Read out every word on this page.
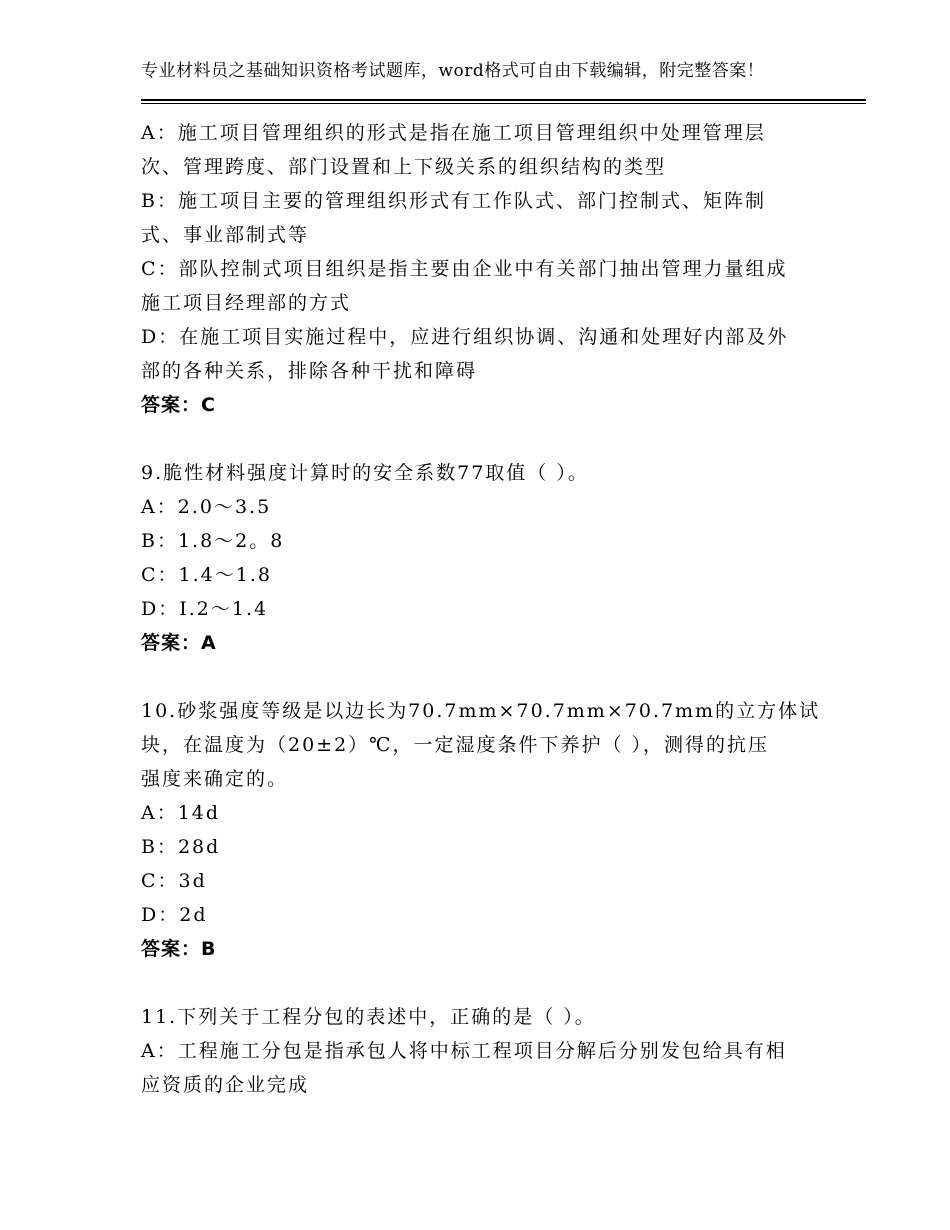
专业材料员之基础知识资格考试题库，word格式可自由下载编辑，附完整答案！
A：施工项目管理组织的形式是指在施工项目管理组织中处理管理层
次、管理跨度、部门设置和上下级关系的组织结构的类型
B：施工项目主要的管理组织形式有工作队式、部门控制式、矩阵制
式、事业部制式等
C：部队控制式项目组织是指主要由企业中有关部门抽出管理力量组成
施工项目经理部的方式
D：在施工项目实施过程中，应进行组织协调、沟通和处理好内部及外
部的各种关系，排除各种干扰和障碍
答案：C
9.脆性材料强度计算时的安全系数77取值（ ）。
A：2.0～3.5
B：1.8～2。8
C：1.4～1.8
D：I.2～1.4
答案：A
10.砂浆强度等级是以边长为70.7mm×70.7mm×70.7mm的立方体试
块，在温度为（20±2）℃，一定湿度条件下养护（ ），测得的抗压
强度来确定的。
A：14d
B：28d
C：3d
D：2d
答案：B
11.下列关于工程分包的表述中，正确的是（ ）。
A：工程施工分包是指承包人将中标工程项目分解后分别发包给具有相
应资质的企业完成
